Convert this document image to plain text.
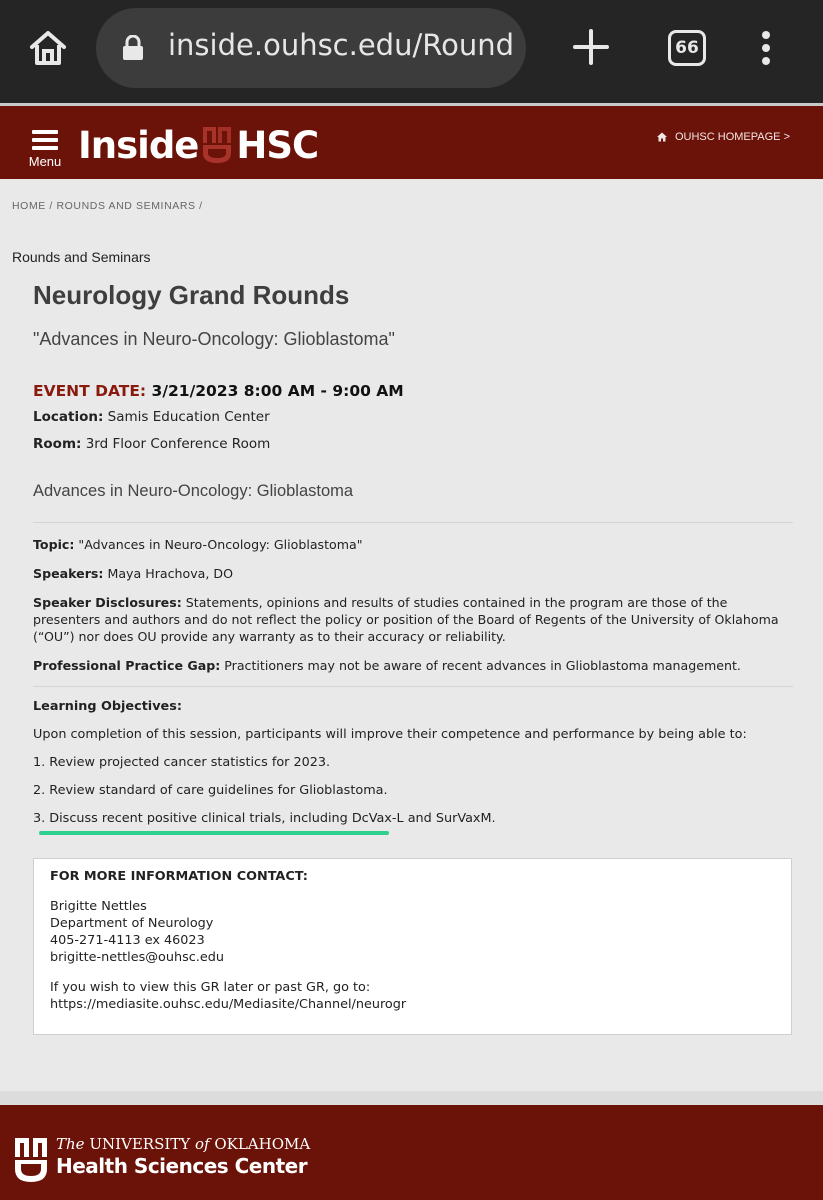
inside.ouhsc.edu/Round	66
Menu Inside HSC	OUHSC HOMEPAGE >
HOME / ROUNDS AND SEMINARS /
Rounds and Seminars
Neurology Grand Rounds
"Advances in Neuro-Oncology: Glioblastoma"
EVENT DATE: 3/21/2023 8:00 AM - 9:00 AM
Location: Samis Education Center
Room: 3rd Floor Conference Room
Advances in Neuro-Oncology: Glioblastoma
Topic: "Advances in Neuro-Oncology: Glioblastoma"
Speakers: Maya Hrachova, DO
Speaker Disclosures: Statements, opinions and results of studies contained in the program are those of the presenters and authors and do not reflect the policy or position of the Board of Regents of the University of Oklahoma (“OU”) nor does OU provide any warranty as to their accuracy or reliability.
Professional Practice Gap: Practitioners may not be aware of recent advances in Glioblastoma management.
Learning Objectives:
Upon completion of this session, participants will improve their competence and performance by being able to:
1. Review projected cancer statistics for 2023.
2. Review standard of care guidelines for Glioblastoma.
3. Discuss recent positive clinical trials, including DcVax-L and SurVaxM.
FOR MORE INFORMATION CONTACT:
Brigitte Nettles
Department of Neurology
405-271-4113 ex 46023
brigitte-nettles@ouhsc.edu
If you wish to view this GR later or past GR, go to:
https://mediasite.ouhsc.edu/Mediasite/Channel/neurogr
The UNIVERSITY of OKLAHOMA
Health Sciences Center
